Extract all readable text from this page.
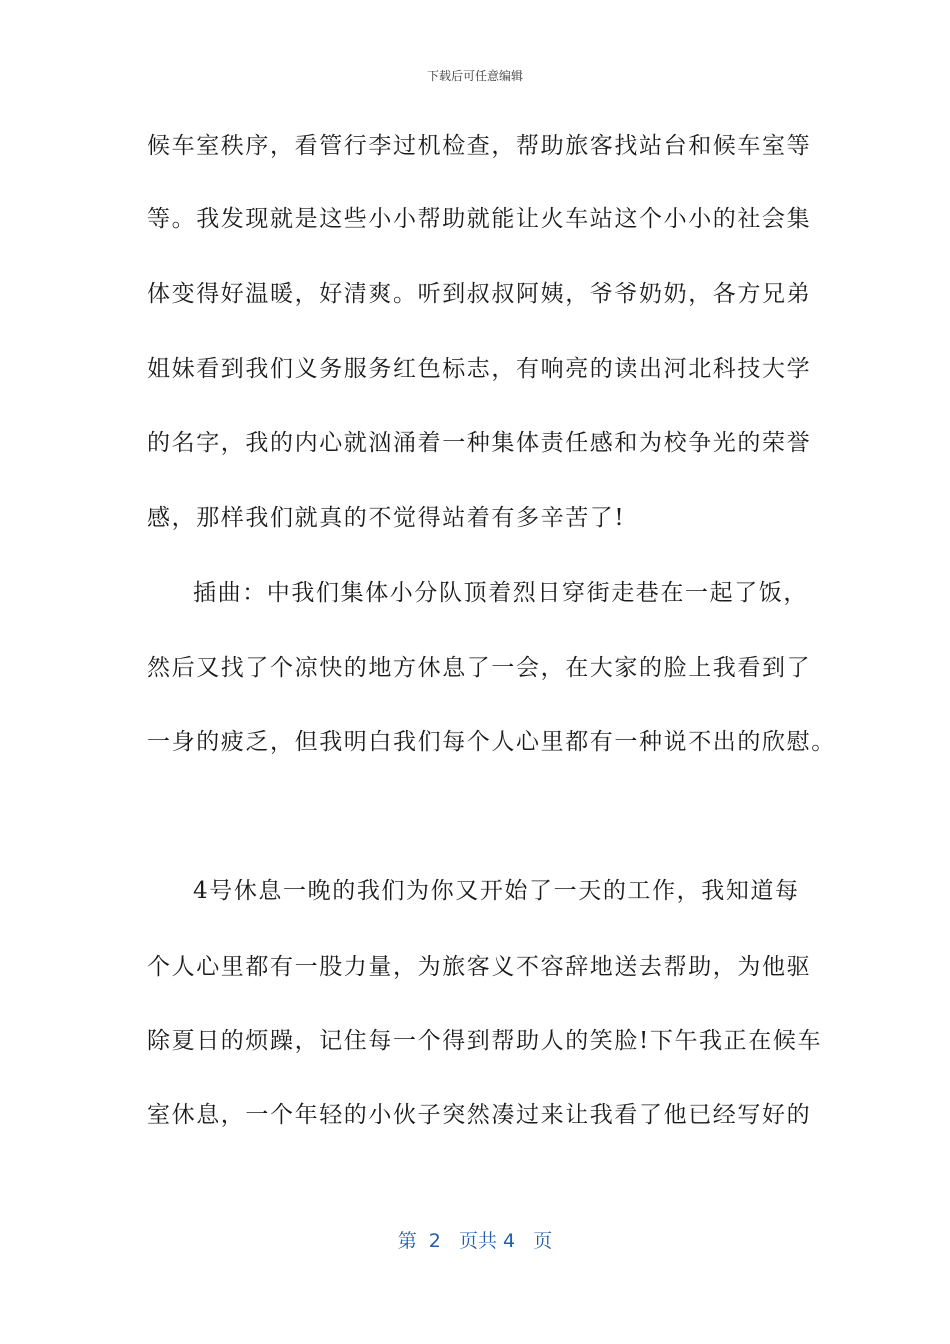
下载后可任意编辑
候车室秩序，看管行李过机检查，帮助旅客找站台和候车室等
等。我发现就是这些小小帮助就能让火车站这个小小的社会集
体变得好温暖，好清爽。听到叔叔阿姨，爷爷奶奶，各方兄弟
姐妹看到我们义务服务红色标志，有响亮的读出河北科技大学
的名字，我的内心就汹涌着一种集体责任感和为校争光的荣誉
感，那样我们就真的不觉得站着有多辛苦了!
插曲：中我们集体小分队顶着烈日穿街走巷在一起了饭，
然后又找了个凉快的地方休息了一会，在大家的脸上我看到了
一身的疲乏，但我明白我们每个人心里都有一种说不出的欣慰。
4号休息一晚的我们为你又开始了一天的工作，我知道每
个人心里都有一股力量，为旅客义不容辞地送去帮助，为他驱
除夏日的烦躁，记住每一个得到帮助人的笑脸!下午我正在候车
室休息，一个年轻的小伙子突然凑过来让我看了他已经写好的
第  2   页共 4   页
